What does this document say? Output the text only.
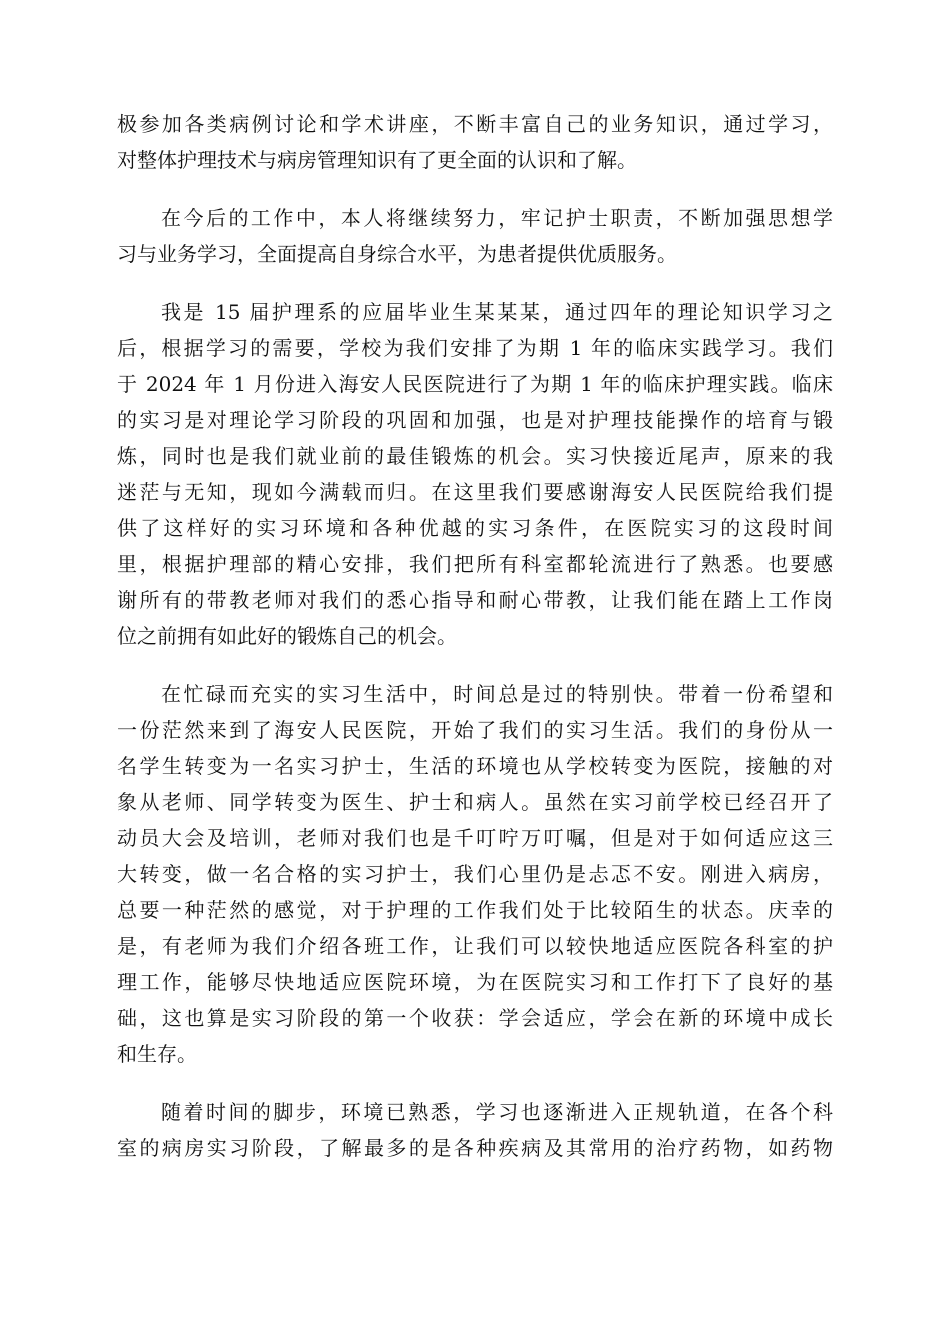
极参加各类病例讨论和学术讲座，不断丰富自己的业务知识，通过学习，
对整体护理技术与病房管理知识有了更全面的认识和了解。

在今后的工作中，本人将继续努力，牢记护士职责，不断加强思想学
习与业务学习，全面提高自身综合水平，为患者提供优质服务。

我是 15 届护理系的应届毕业生某某某，通过四年的理论知识学习之
后，根据学习的需要，学校为我们安排了为期 1 年的临床实践学习。我们
于 2024 年 1 月份进入海安人民医院进行了为期 1 年的临床护理实践。临床
的实习是对理论学习阶段的巩固和加强，也是对护理技能操作的培育与锻
炼，同时也是我们就业前的最佳锻炼的机会。实习快接近尾声，原来的我
迷茫与无知，现如今满载而归。在这里我们要感谢海安人民医院给我们提
供了这样好的实习环境和各种优越的实习条件，在医院实习的这段时间
里，根据护理部的精心安排，我们把所有科室都轮流进行了熟悉。也要感
谢所有的带教老师对我们的悉心指导和耐心带教，让我们能在踏上工作岗
位之前拥有如此好的锻炼自己的机会。

在忙碌而充实的实习生活中，时间总是过的特别快。带着一份希望和
一份茫然来到了海安人民医院，开始了我们的实习生活。我们的身份从一
名学生转变为一名实习护士，生活的环境也从学校转变为医院，接触的对
象从老师、同学转变为医生、护士和病人。虽然在实习前学校已经召开了
动员大会及培训，老师对我们也是千叮咛万叮嘱，但是对于如何适应这三
大转变，做一名合格的实习护士，我们心里仍是忐忑不安。刚进入病房，
总要一种茫然的感觉，对于护理的工作我们处于比较陌生的状态。庆幸的
是，有老师为我们介绍各班工作，让我们可以较快地适应医院各科室的护
理工作，能够尽快地适应医院环境，为在医院实习和工作打下了良好的基
础，这也算是实习阶段的第一个收获：学会适应，学会在新的环境中成长
和生存。

随着时间的脚步，环境已熟悉，学习也逐渐进入正规轨道，在各个科
室的病房实习阶段，了解最多的是各种疾病及其常用的治疗药物，如药物
